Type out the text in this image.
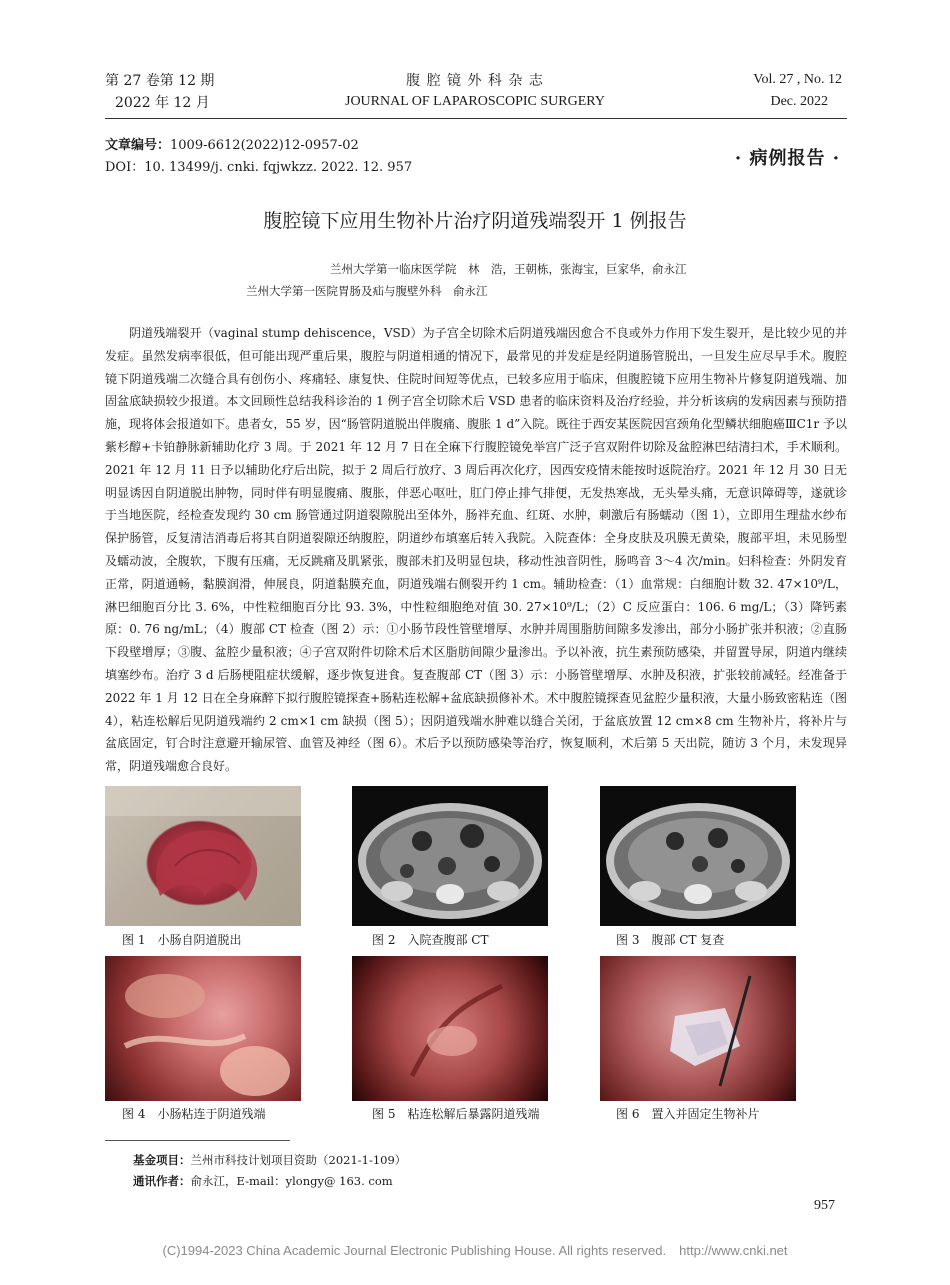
第 27 卷第 12 期
2022 年 12 月
腹 腔 镜 外 科 杂 志
JOURNAL OF LAPAROSCOPIC SURGERY
Vol. 27 , No. 12
Dec. 2022
文章编号：1009-6612(2022)12-0957-02
DOI：10. 13499/j. cnki. fqjwkzz. 2022. 12. 957	· 病例报告 ·
腹腔镜下应用生物补片治疗阴道残端裂开 1 例报告
兰州大学第一临床医学院　林　浩，王朝栋，张海宝，巨家华，俞永江
兰州大学第一医院胃肠及疝与腹壁外科　俞永江
阴道残端裂开（vaginal stump dehiscence，VSD）为子宫全切除术后阴道残端因愈合不良或外力作用下发生裂开，是比较少见的并发症。虽然发病率很低，但可能出现严重后果，腹腔与阴道相通的情况下，最常见的并发症是经阴道肠管脱出，一旦发生应尽早手术。腹腔镜下阴道残端二次缝合具有创伤小、疼痛轻、康复快、住院时间短等优点，已较多应用于临床，但腹腔镜下应用生物补片修复阴道残端、加固盆底缺损较少报道。本文回顾性总结我科诊治的 1 例子宫全切除术后 VSD 患者的临床资料及治疗经验，并分析该病的发病因素与预防措施，现将体会报道如下。患者女，55 岁，因“肠管阴道脱出伴腹痛、腹胀 1 d”入院。既往于西安某医院因宫颈角化型鳞状细胞癌ⅢC1r 予以紫杉醇+卡铂静脉新辅助化疗 3 周。于 2021 年 12 月 7 日在全麻下行腹腔镜免举宫广泛子宫双附件切除及盆腔淋巴结清扫术，手术顺利。2021 年 12 月 11 日予以辅助化疗后出院，拟于 2 周后行放疗、3 周后再次化疗，因西安疫情未能按时返院治疗。2021 年 12 月 30 日无明显诱因自阴道脱出肿物，同时伴有明显腹痛、腹胀，伴恶心呕吐，肛门停止排气排便，无发热寒战，无头晕头痛，无意识障碍等，遂就诊于当地医院，经检查发现约 30 cm 肠管通过阴道裂隙脱出至体外，肠袢充血、红斑、水肿，刺激后有肠蠕动（图 1），立即用生理盐水纱布保护肠管，反复清洁消毒后将其自阴道裂隙还纳腹腔，阴道纱布填塞后转入我院。入院查体：全身皮肤及巩膜无黄染，腹部平坦，未见肠型及蠕动波，全腹软，下腹有压痛，无反跳痛及肌紧张，腹部未扪及明显包块，移动性浊音阴性，肠鸣音 3～4 次/min。妇科检查：外阴发育正常，阴道通畅，黏膜润滑，伸展良，阴道黏膜充血，阴道残端右侧裂开约 1 cm。辅助检查：（1）血常规：白细胞计数 32. 47×10⁹/L，淋巴细胞百分比 3. 6%，中性粒细胞百分比 93. 3%，中性粒细胞绝对值 30. 27×10⁹/L；（2）C 反应蛋白：106. 6 mg/L；（3）降钙素原：0. 76 ng/mL；（4）腹部 CT 检查（图 2）示：①小肠节段性管壁增厚、水肿并周围脂肪间隙多发渗出，部分小肠扩张并积液；②直肠下段壁增厚；③腹、盆腔少量积液；④子宫双附件切除术后术区脂肪间隙少量渗出。予以补液，抗生素预防感染，并留置导尿，阴道内继续填塞纱布。治疗 3 d 后肠梗阻症状缓解，逐步恢复进食。复查腹部 CT（图 3）示：小肠管壁增厚、水肿及积液，扩张较前减轻。经准备于 2022 年 1 月 12 日在全身麻醉下拟行腹腔镜探查+肠粘连松解+盆底缺损修补术。术中腹腔镜探查见盆腔少量积液，大量小肠致密粘连（图 4），粘连松解后见阴道残端约 2 cm×1 cm 缺损（图 5）；因阴道残端水肿难以缝合关闭，于盆底放置 12 cm×8 cm 生物补片，将补片与盆底固定，钉合时注意避开输尿管、血管及神经（图 6）。术后予以预防感染等治疗，恢复顺利，术后第 5 天出院，随访 3 个月，未发现异常，阴道残端愈合良好。
图 1　小肠自阴道脱出	图 2　入院查腹部 CT	图 3　腹部 CT 复查
图 4　小肠粘连于阴道残端	图 5　粘连松解后暴露阴道残端	图 6　置入并固定生物补片
基金项目：兰州市科技计划项目资助（2021-1-109）
通讯作者：俞永江，E-mail：ylongy@ 163. com
957
(C)1994-2023 China Academic Journal Electronic Publishing House. All rights reserved.　http://www.cnki.net
